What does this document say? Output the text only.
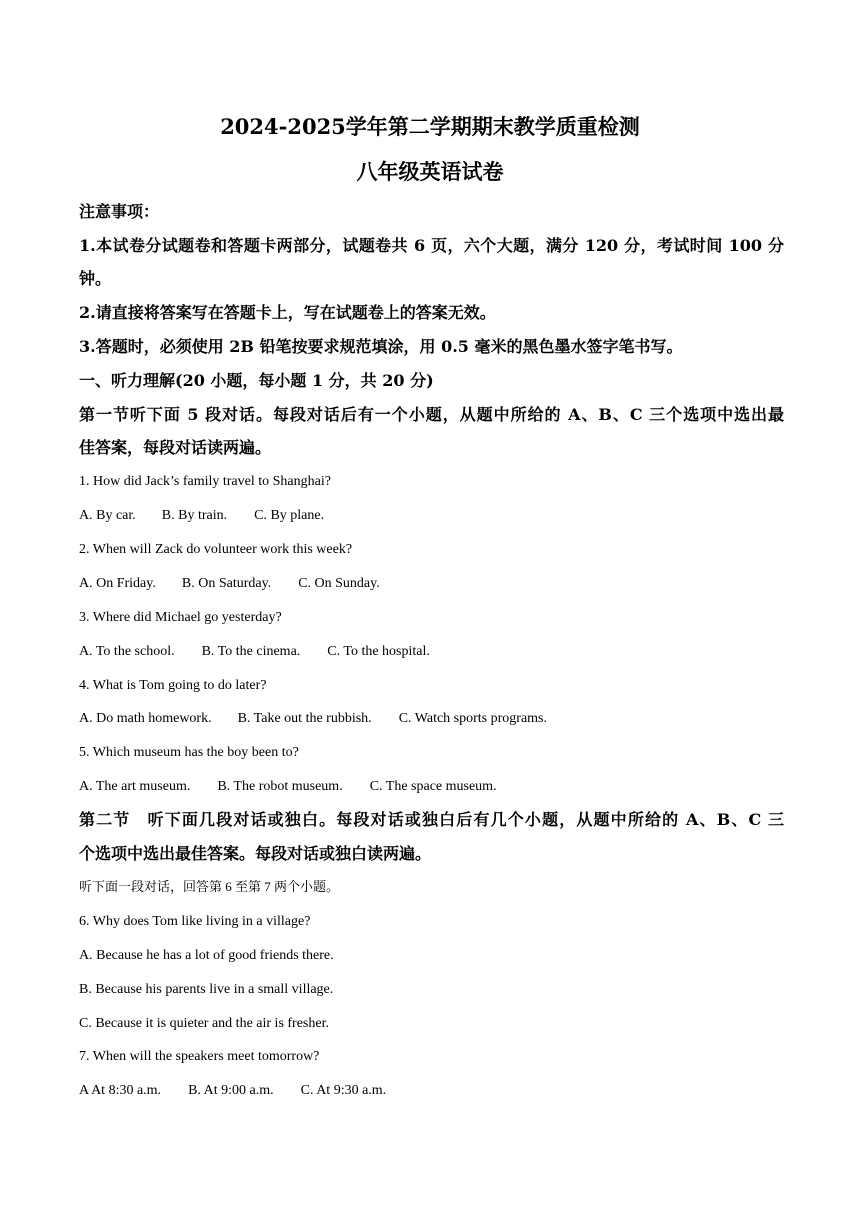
2024-2025学年第二学期期末教学质重检测
八年级英语试卷
注意事项：
1.本试卷分试题卷和答题卡两部分，试题卷共 6 页，六个大题，满分 120 分，考试时间 100 分
钟。
2.请直接将答案写在答题卡上，写在试题卷上的答案无效。
3.答题时，必须使用 2B 铅笔按要求规范填涂，用 0.5 毫米的黑色墨水签字笔书写。
一、听力理解(20 小题，每小题 1 分，共 20 分)
第一节听下面 5 段对话。每段对话后有一个小题，从题中所给的 A、B、C 三个选项中选出最
佳答案，每段对话读两遍。
1. How did Jack’s family travel to Shanghai?
A. By car. B. By train. C. By plane.
2. When will Zack do volunteer work this week?
A. On Friday. B. On Saturday. C. On Sunday.
3. Where did Michael go yesterday?
A. To the school. B. To the cinema. C. To the hospital.
4. What is Tom going to do later?
A. Do math homework. B. Take out the rubbish. C. Watch sports programs.
5. Which museum has the boy been to?
A. The art museum. B. The robot museum. C. The space museum.
第二节　听下面几段对话或独白。每段对话或独白后有几个小题，从题中所给的 A、B、C 三
个选项中选出最佳答案。每段对话或独白读两遍。
听下面一段对话，回答第 6 至第 7 两个小题。
6. Why does Tom like living in a village?
A. Because he has a lot of good friends there.
B. Because his parents live in a small village.
C. Because it is quieter and the air is fresher.
7. When will the speakers meet tomorrow?
A At 8:30 a.m. B. At 9:00 a.m. C. At 9:30 a.m.
